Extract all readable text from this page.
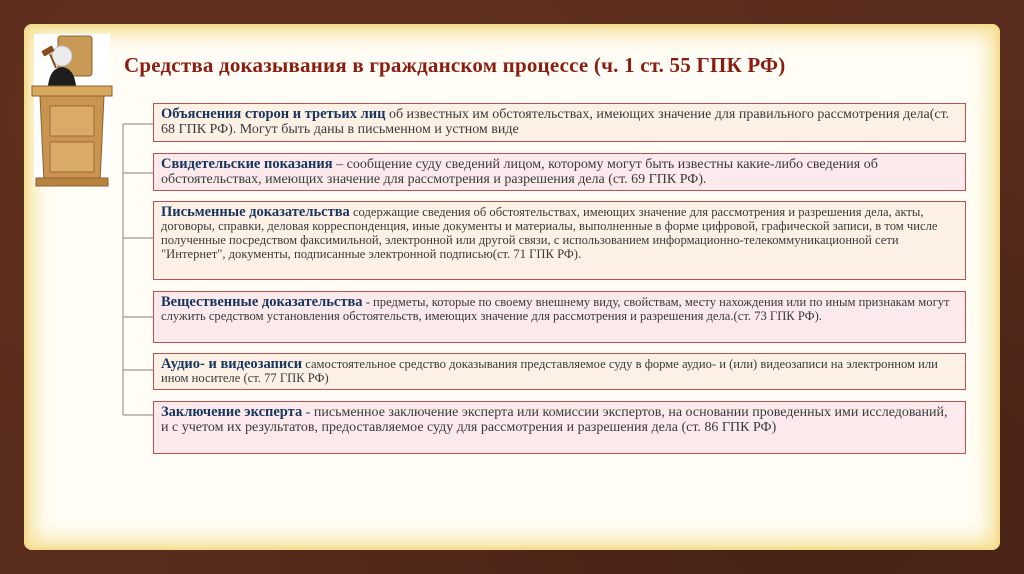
Средства доказывания в гражданском процессе (ч. 1 ст. 55 ГПК РФ)
Объяснения сторон и третьих лиц об известных им обстоятельствах, имеющих значение для правильного рассмотрения дела(ст. 68 ГПК РФ). Могут быть даны в письменном и устном виде
Свидетельские показания – сообщение суду сведений лицом, которому могут быть известны какие-либо сведения об обстоятельствах, имеющих значение для рассмотрения и разрешения дела (ст. 69 ГПК РФ).
Письменные доказательства содержащие сведения об обстоятельствах, имеющих значение для рассмотрения и разрешения дела, акты, договоры, справки, деловая корреспонденция, иные документы и материалы, выполненные в форме цифровой, графической записи, в том числе полученные посредством факсимильной, электронной или другой связи, с использованием информационно-телекоммуникационной сети "Интернет", документы, подписанные электронной подписью(ст. 71 ГПК РФ).
Вещественные доказательства - предметы, которые по своему внешнему виду, свойствам, месту нахождения или по иным признакам могут служить средством установления обстоятельств, имеющих значение для рассмотрения и разрешения дела.(ст. 73 ГПК РФ).
Аудио- и видеозаписи самостоятельное средство доказывания представляемое суду в форме аудио- и (или) видеозаписи на электронном или ином носителе (ст. 77 ГПК РФ)
Заключение эксперта - письменное заключение эксперта или комиссии экспертов, на основании проведенных ими исследований, и с учетом их результатов, предоставляемое суду для рассмотрения и разрешения дела (ст. 86 ГПК РФ)
